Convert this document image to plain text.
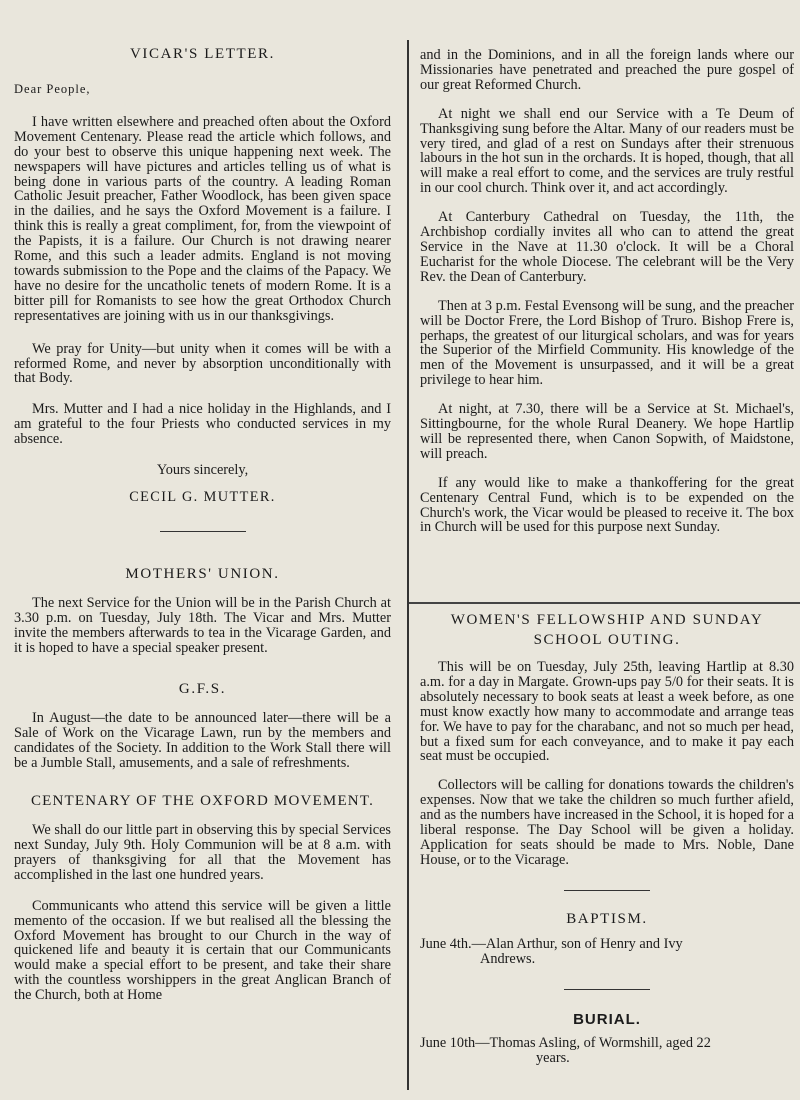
VICAR'S LETTER.

Dear People,

I have written elsewhere and preached often about the Oxford Movement Centenary. Please read the article which follows, and do your best to observe this unique happening next week. The newspapers will have pictures and articles telling us of what is being done in various parts of the country. A leading Roman Catholic Jesuit preacher, Father Woodlock, has been given space in the dailies, and he says the Oxford Movement is a failure. I think this is really a great compliment, for, from the viewpoint of the Papists, it is a failure. Our Church is not drawing nearer Rome, and this such a leader admits. England is not moving towards submission to the Pope and the claims of the Papacy. We have no desire for the uncatholic tenets of modern Rome. It is a bitter pill for Romanists to see how the great Orthodox Church representatives are joining with us in our thanksgivings.

We pray for Unity—but unity when it comes will be with a reformed Rome, and never by absorption unconditionally with that Body.

Mrs. Mutter and I had a nice holiday in the Highlands, and I am grateful to the four Priests who conducted services in my absence.

Yours sincerely,

CECIL G. MUTTER.

MOTHERS' UNION.

The next Service for the Union will be in the Parish Church at 3.30 p.m. on Tuesday, July 18th. The Vicar and Mrs. Mutter invite the members afterwards to tea in the Vicarage Garden, and it is hoped to have a special speaker present.

G.F.S.

In August—the date to be announced later—there will be a Sale of Work on the Vicarage Lawn, run by the members and candidates of the Society. In addition to the Work Stall there will be a Jumble Stall, amusements, and a sale of refreshments.

CENTENARY OF THE OXFORD MOVEMENT.

We shall do our little part in observing this by special Services next Sunday, July 9th. Holy Communion will be at 8 a.m. with prayers of thanksgiving for all that the Movement has accomplished in the last one hundred years.

Communicants who attend this service will be given a little memento of the occasion. If we but realised all the blessing the Oxford Movement has brought to our Church in the way of quickened life and beauty it is certain that our Communicants would make a special effort to be present, and take their share with the countless worshippers in the great Anglican Branch of the Church, both at Home

and in the Dominions, and in all the foreign lands where our Missionaries have penetrated and preached the pure gospel of our great Reformed Church.

At night we shall end our Service with a Te Deum of Thanksgiving sung before the Altar. Many of our readers must be very tired, and glad of a rest on Sundays after their strenuous labours in the hot sun in the orchards. It is hoped, though, that all will make a real effort to come, and the services are truly restful in our cool church. Think over it, and act accordingly.

At Canterbury Cathedral on Tuesday, the 11th, the Archbishop cordially invites all who can to attend the great Service in the Nave at 11.30 o'clock. It will be a Choral Eucharist for the whole Diocese. The celebrant will be the Very Rev. the Dean of Canterbury.

Then at 3 p.m. Festal Evensong will be sung, and the preacher will be Doctor Frere, the Lord Bishop of Truro. Bishop Frere is, perhaps, the greatest of our liturgical scholars, and was for years the Superior of the Mirfield Community. His knowledge of the men of the Movement is unsurpassed, and it will be a great privilege to hear him.

At night, at 7.30, there will be a Service at St. Michael's, Sittingbourne, for the whole Rural Deanery. We hope Hartlip will be represented there, when Canon Sopwith, of Maidstone, will preach.

If any would like to make a thankoffering for the great Centenary Central Fund, which is to be expended on the Church's work, the Vicar would be pleased to receive it. The box in Church will be used for this purpose next Sunday.

WOMEN'S FELLOWSHIP AND SUNDAY
SCHOOL OUTING.

This will be on Tuesday, July 25th, leaving Hartlip at 8.30 a.m. for a day in Margate. Grown-ups pay 5/0 for their seats. It is absolutely necessary to book seats at least a week before, as one must know exactly how many to accommodate and arrange teas for. We have to pay for the charabanc, and not so much per head, but a fixed sum for each conveyance, and to make it pay each seat must be occupied.

Collectors will be calling for donations towards the children's expenses. Now that we take the children so much further afield, and as the numbers have increased in the School, it is hoped for a liberal response. The Day School will be given a holiday. Application for seats should be made to Mrs. Noble, Dane House, or to the Vicarage.

BAPTISM.

June 4th.—Alan Arthur, son of Henry and Ivy
Andrews.

BURIAL.

June 10th—Thomas Asling, of Wormshill, aged 22
years.
